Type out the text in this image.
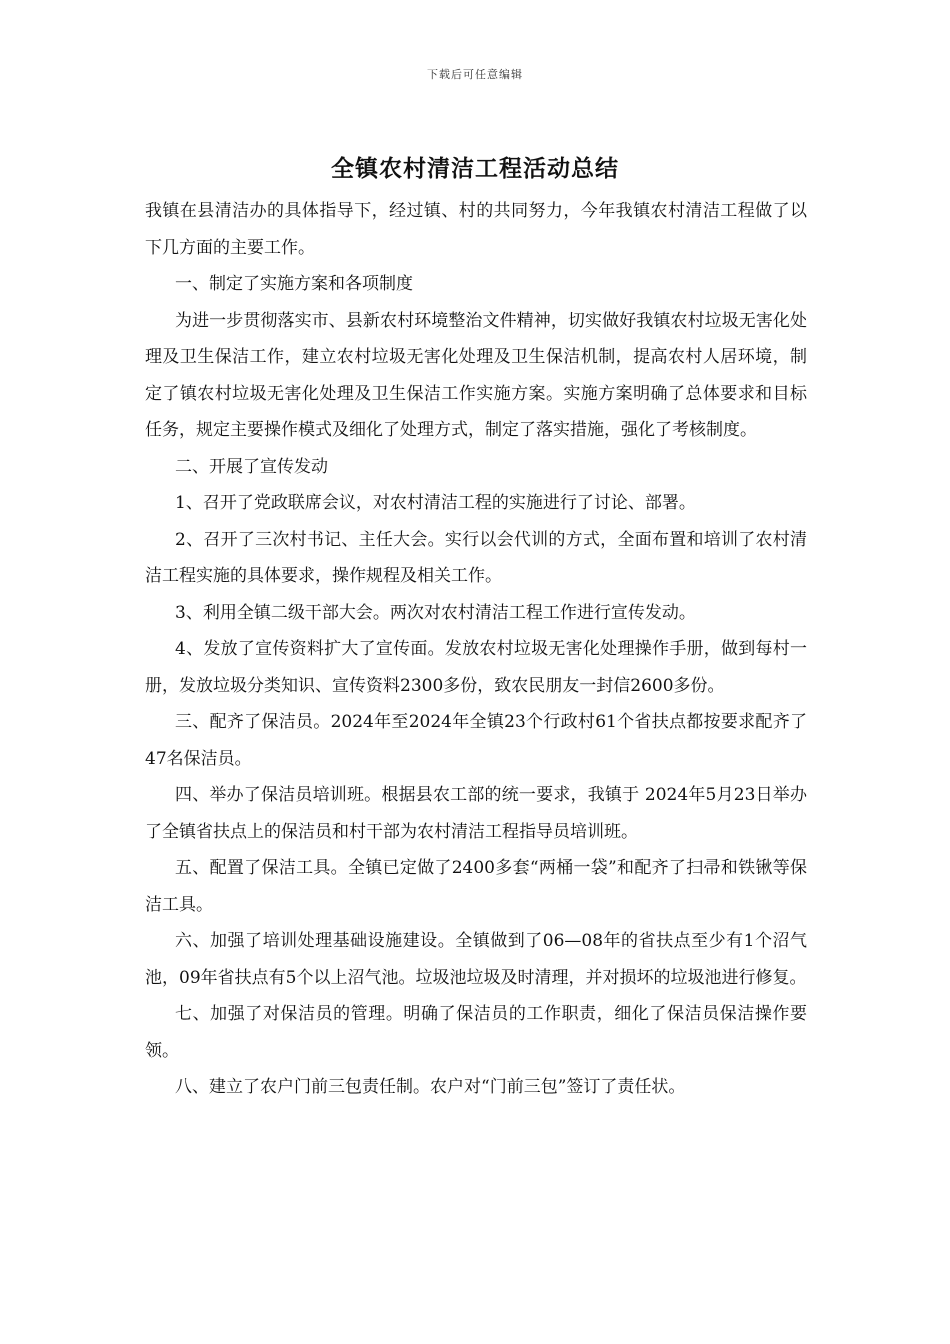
下载后可任意编辑
全镇农村清洁工程活动总结

我镇在县清洁办的具体指导下，经过镇、村的共同努力，今年我镇农村清洁工程做了以下几方面的主要工作。

一、制定了实施方案和各项制度

为进一步贯彻落实市、县新农村环境整治文件精神，切实做好我镇农村垃圾无害化处理及卫生保洁工作，建立农村垃圾无害化处理及卫生保洁机制，提高农村人居环境，制定了镇农村垃圾无害化处理及卫生保洁工作实施方案。实施方案明确了总体要求和目标任务，规定主要操作模式及细化了处理方式，制定了落实措施，强化了考核制度。

二、开展了宣传发动

1、召开了党政联席会议，对农村清洁工程的实施进行了讨论、部署。

2、召开了三次村书记、主任大会。实行以会代训的方式，全面布置和培训了农村清洁工程实施的具体要求，操作规程及相关工作。

3、利用全镇二级干部大会。两次对农村清洁工程工作进行宣传发动。

4、发放了宣传资料扩大了宣传面。发放农村垃圾无害化处理操作手册，做到每村一册，发放垃圾分类知识、宣传资料2300多份，致农民朋友一封信2600多份。

三、配齐了保洁员。2024年至2024年全镇23个行政村61个省扶点都按要求配齐了47名保洁员。

四、举办了保洁员培训班。根据县农工部的统一要求，我镇于 2024年5月23日举办了全镇省扶点上的保洁员和村干部为农村清洁工程指导员培训班。

五、配置了保洁工具。全镇已定做了2400多套“两桶一袋”和配齐了扫帚和铁锹等保洁工具。

六、加强了培训处理基础设施建设。全镇做到了06—08年的省扶点至少有1个沼气池，09年省扶点有5个以上沼气池。垃圾池垃圾及时清理，并对损坏的垃圾池进行修复。

七、加强了对保洁员的管理。明确了保洁员的工作职责，细化了保洁员保洁操作要领。

八、建立了农户门前三包责任制。农户对“门前三包”签订了责任状。
